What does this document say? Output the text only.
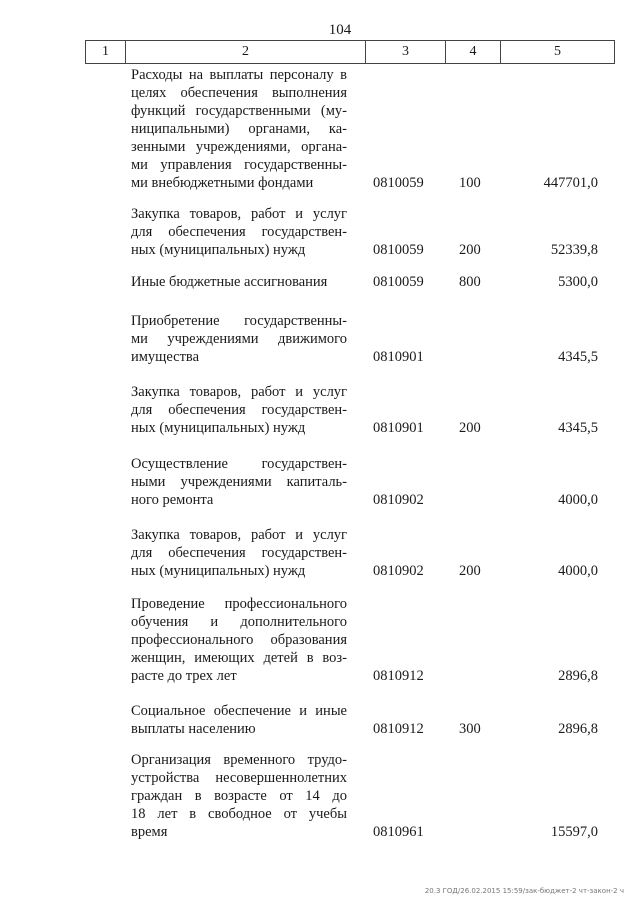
104
1	2	3	4	5
Расходы на выплаты персоналу в
целях обеспечения выполнения
функций государственными (му-
ниципальными) органами, ка-
зенными учреждениями, органа-
ми управления государственны-
ми внебюджетными фондами	0810059 100	447701,0
Закупка товаров, работ и услуг
для обеспечения государствен-
ных (муниципальных) нужд	0810059 200	52339,8
Иные бюджетные ассигнования	0810059 800	5300,0
Приобретение государственны-
ми учреждениями движимого
имущества	0810901	4345,5
Закупка товаров, работ и услуг
для обеспечения государствен-
ных (муниципальных) нужд	0810901 200	4345,5
Осуществление государствен-
ными учреждениями капиталь-
ного ремонта	0810902	4000,0
Закупка товаров, работ и услуг
для обеспечения государствен-
ных (муниципальных) нужд	0810902 200	4000,0
Проведение профессионального
обучения и дополнительного
профессионального образования
женщин, имеющих детей в воз-
расте до трех лет	0810912	2896,8
Социальное обеспечение и иные
выплаты населению	0810912 300	2896,8
Организация временного трудо-
устройства несовершеннолетних
граждан в возрасте от 14 до
18 лет в свободное от учебы
время	0810961	15597,0
20.3 ГОД/26.02.2015 15:59/зак-бюджет-2 чт-закон-2 ч
